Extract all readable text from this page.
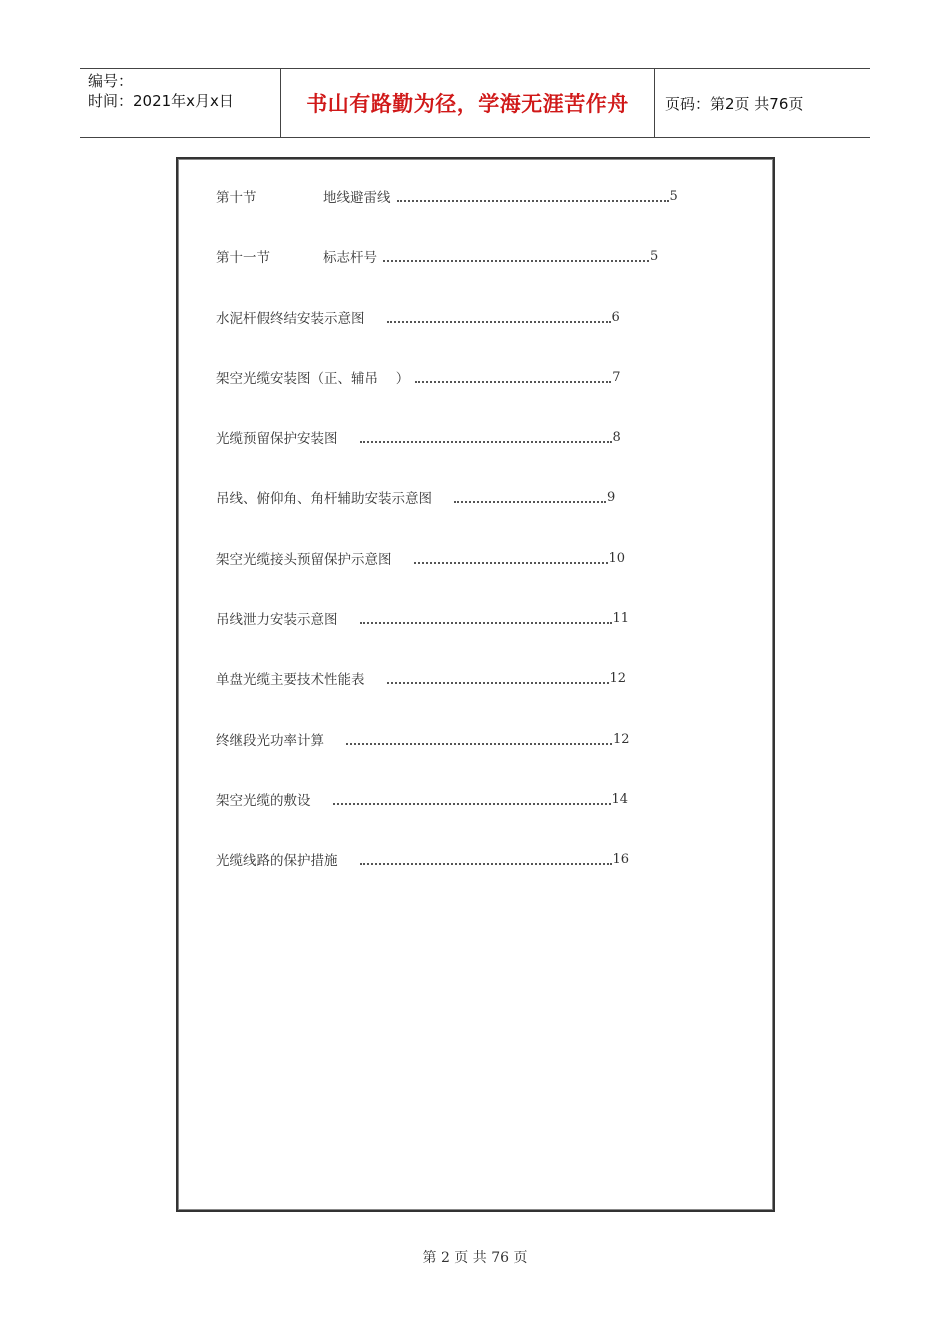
编号：
时间：2021年x月x日	书山有路勤为径，学海无涯苦作舟	页码：第2页 共76页
第十节	地线避雷线	5
第十一节	标志杆号	5
水泥杆假终结安装示意图	6
架空光缆安装图（正、辅吊　 ）	7
光缆预留保护安装图	8
吊线、俯仰角、角杆辅助安装示意图	9
架空光缆接头预留保护示意图	10
吊线泄力安装示意图	11
单盘光缆主要技术性能表	12
终继段光功率计算	12
架空光缆的敷设	14
光缆线路的保护措施	16
第 2 页 共 76 页
